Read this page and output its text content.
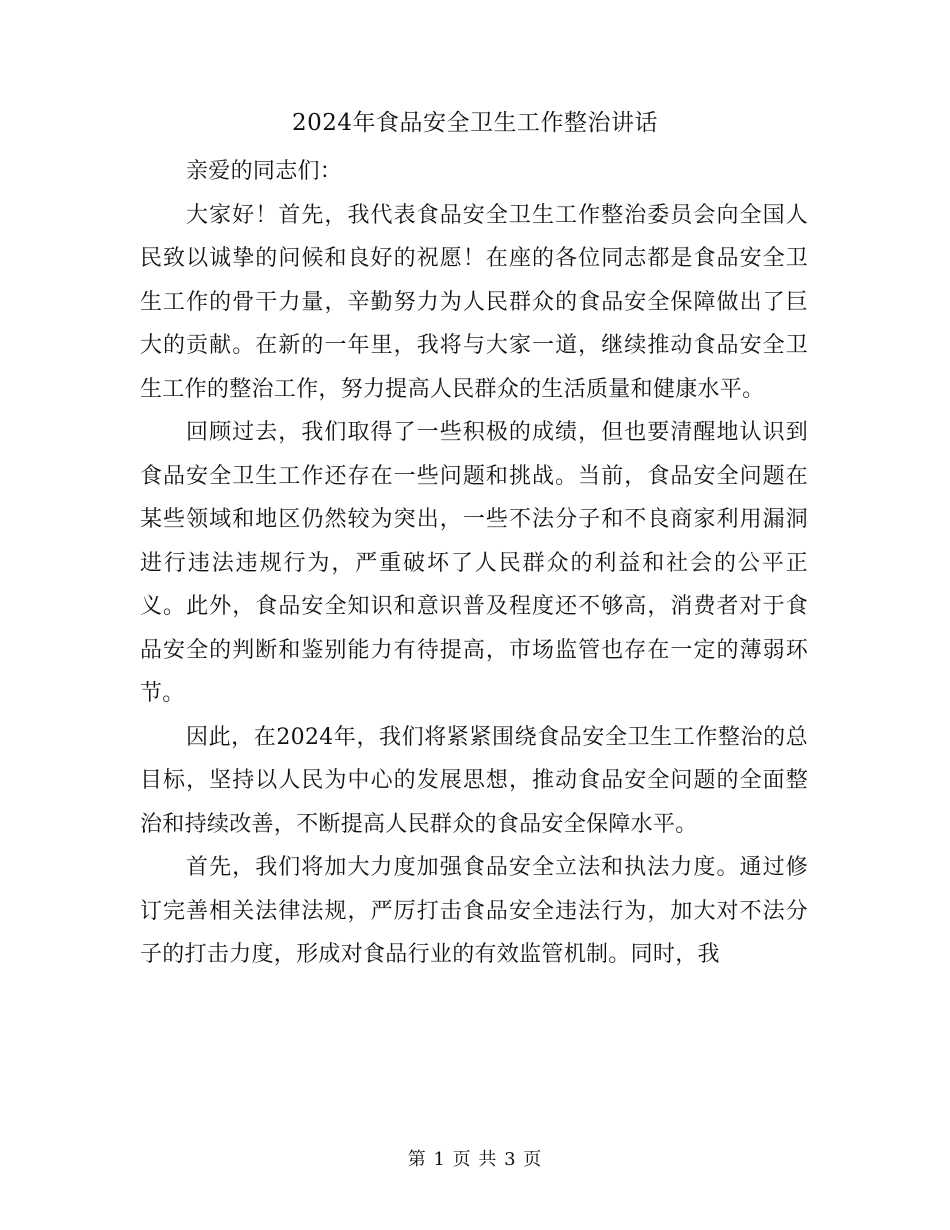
2024年食品安全卫生工作整治讲话

亲爱的同志们：

大家好！首先，我代表食品安全卫生工作整治委员会向全国人民致以诚挚的问候和良好的祝愿！在座的各位同志都是食品安全卫生工作的骨干力量，辛勤努力为人民群众的食品安全保障做出了巨大的贡献。在新的一年里，我将与大家一道，继续推动食品安全卫生工作的整治工作，努力提高人民群众的生活质量和健康水平。

回顾过去，我们取得了一些积极的成绩，但也要清醒地认识到食品安全卫生工作还存在一些问题和挑战。当前，食品安全问题在某些领域和地区仍然较为突出，一些不法分子和不良商家利用漏洞进行违法违规行为，严重破坏了人民群众的利益和社会的公平正义。此外，食品安全知识和意识普及程度还不够高，消费者对于食品安全的判断和鉴别能力有待提高，市场监管也存在一定的薄弱环节。

因此，在2024年，我们将紧紧围绕食品安全卫生工作整治的总目标，坚持以人民为中心的发展思想，推动食品安全问题的全面整治和持续改善，不断提高人民群众的食品安全保障水平。

首先，我们将加大力度加强食品安全立法和执法力度。通过修订完善相关法律法规，严厉打击食品安全违法行为，加大对不法分子的打击力度，形成对食品行业的有效监管机制。同时，我

第 1 页 共 3 页
